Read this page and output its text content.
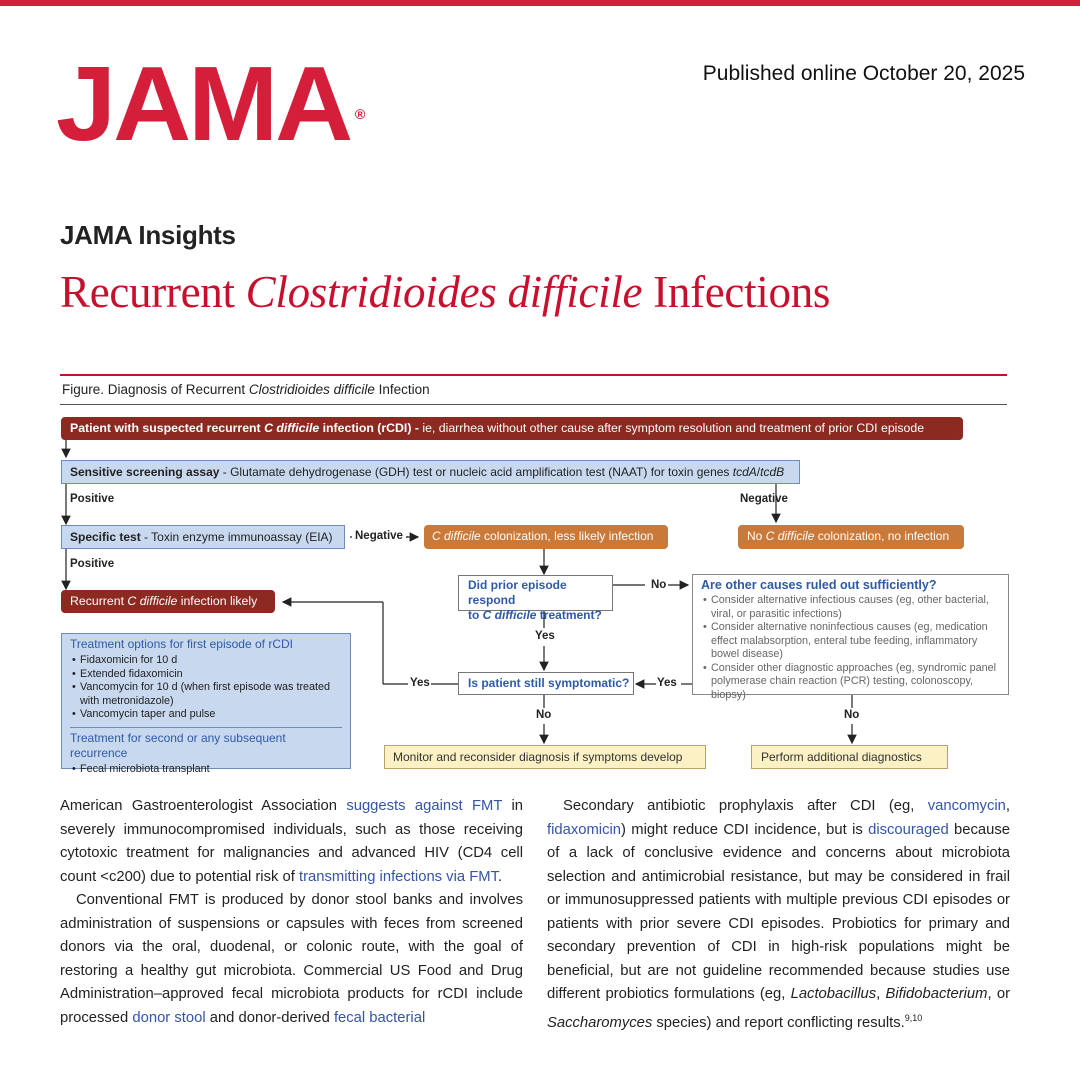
JAMA ®
Published online October 20, 2025
JAMA Insights
Recurrent Clostridioides difficile Infections
Figure. Diagnosis of Recurrent Clostridioides difficile Infection
Patient with suspected recurrent C difficile infection (rCDI) - ie, diarrhea without other cause after symptom resolution and treatment of prior CDI episode
Sensitive screening assay - Glutamate dehydrogenase (GDH) test or nucleic acid amplification test (NAAT) for toxin genes tcdA/tcdB
Positive	Negative
Specific test - Toxin enzyme immunoassay (EIA)	Negative	C difficile colonization, less likely infection	No C difficile colonization, no infection
Positive
Recurrent C difficile infection likely
Did prior episode respond
to C difficile treatment?
No	Are other causes ruled out sufficiently?
• Consider alternative infectious causes (eg, other bacterial, viral, or parasitic infections)
• Consider alternative noninfectious causes (eg, medication effect malabsorption, enteral tube feeding, inflammatory bowel disease)
• Consider other diagnostic approaches (eg, syndromic panel polymerase chain reaction (PCR) testing, colonoscopy, biopsy)
Treatment options for first episode of rCDI
• Fidaxomicin for 10 d
• Extended fidaxomicin
• Vancomycin for 10 d (when first episode was treated with metronidazole)
• Vancomycin taper and pulse
Treatment for second or any subsequent recurrence
• Fecal microbiota transplant
Yes
Yes	Yes
Is patient still symptomatic?
No	No
Monitor and reconsider diagnosis if symptoms develop	Perform additional diagnostics
American Gastroenterologist Association suggests against FMT in severely immunocompromised individuals, such as those receiving cytotoxic treatment for malignancies and advanced HIV (CD4 cell count <c200) due to potential risk of transmitting infections via FMT.
Conventional FMT is produced by donor stool banks and involves administration of suspensions or capsules with feces from screened donors via the oral, duodenal, or colonic route, with the goal of restoring a healthy gut microbiota. Commercial US Food and Drug Administration–approved fecal microbiota products for rCDI include processed donor stool and donor-derived fecal bacterial
Secondary antibiotic prophylaxis after CDI (eg, vancomycin, fidaxomicin) might reduce CDI incidence, but is discouraged because of a lack of conclusive evidence and concerns about microbiota selection and antimicrobial resistance, but may be considered in frail or immunosuppressed patients with multiple previous CDI episodes or patients with prior severe CDI episodes. Probiotics for primary and secondary prevention of CDI in high-risk populations might be beneficial, but are not guideline recommended because studies use different probiotics formulations (eg, Lactobacillus, Bifidobacterium, or Saccharomyces species) and report conflicting results.$^{9,10}$
